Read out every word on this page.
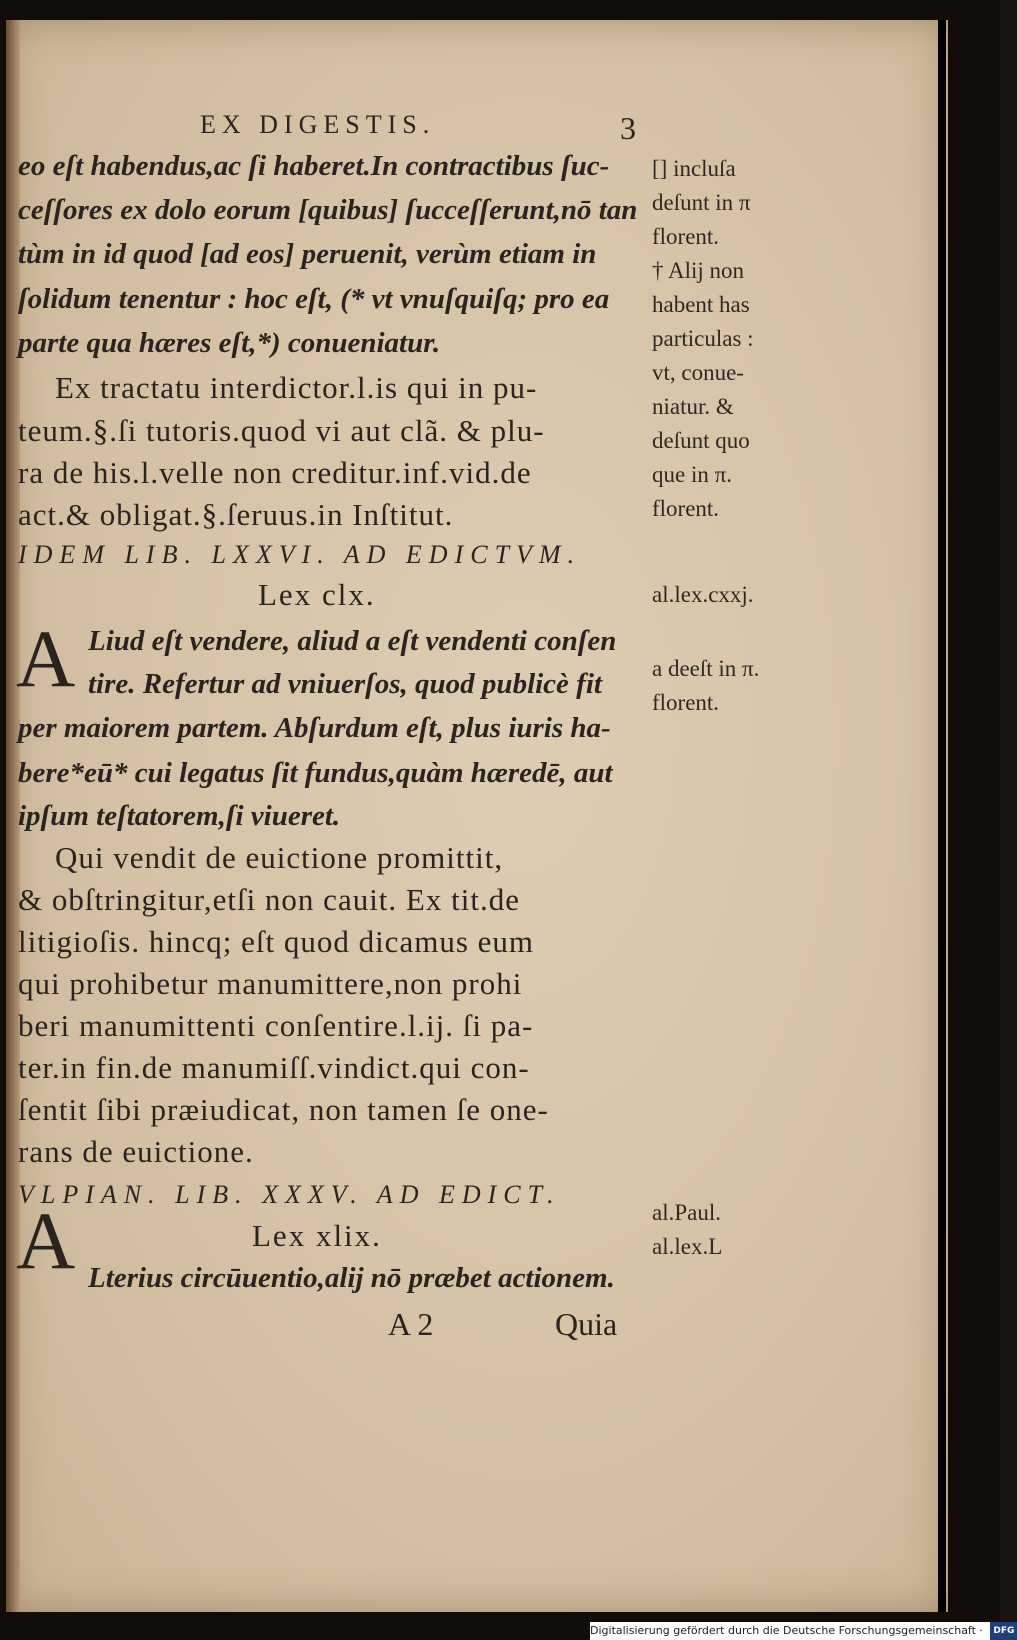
EX DIGESTIS.	3
eo eſt habendus,ac ſi haberet.In contractibus ſuc-
ceſſores ex dolo eorum [quibus] ſucceſſerunt,nō tan
tùm in id quod [ad eos] peruenit, verùm etiam in
ſolidum tenentur : hoc eſt, (* vt vnuſquiſq; pro ea
parte qua hæres eſt,*) conueniatur.
Ex tractatu interdictor.l.is qui in pu-
teum.§.ſi tutoris.quod vi aut clã. & plu-
ra de his.l.velle non creditur.inf.vid.de
act.& obligat.§.ſeruus.in Inſtitut.
IDEM LIB. LXXVI. AD EDICTVM.
Lex clx.
A Liud eſt vendere, aliud a eſt vendenti conſen
tire. Refertur ad vniuerſos, quod publicè fit
per maiorem partem. Abſurdum eſt, plus iuris ha-
bere*eū* cui legatus ſit fundus,quàm hæredē, aut
ipſum teſtatorem,ſi viueret.
Qui vendit de euictione promittit,
& obſtringitur,etſi non cauit. Ex tit.de
litigioſis. hincq; eſt quod dicamus eum
qui prohibetur manumittere,non prohi
beri manumittenti conſentire.l.ij. ſi pa-
ter.in fin.de manumiſſ.vindict.qui con-
ſentit ſibi præiudicat, non tamen ſe one-
rans de euictione.
VLPIAN. LIB. XXXV. AD EDICT.
Lex xlix.
A Lterius circūuentio,alij nō præbet actionem.
A 2	Quia
[] incluſa
deſunt in π
florent.
† Alij non
habent has
particulas :
vt, conue-
niatur. &
deſunt quo
que in π.
florent.
al.lex.cxxj.
a deeſt in π.
florent.
al.Paul.
al.lex.L
Digitalisierung gefördert durch die Deutsche Forschungsgemeinschaft · DFG
